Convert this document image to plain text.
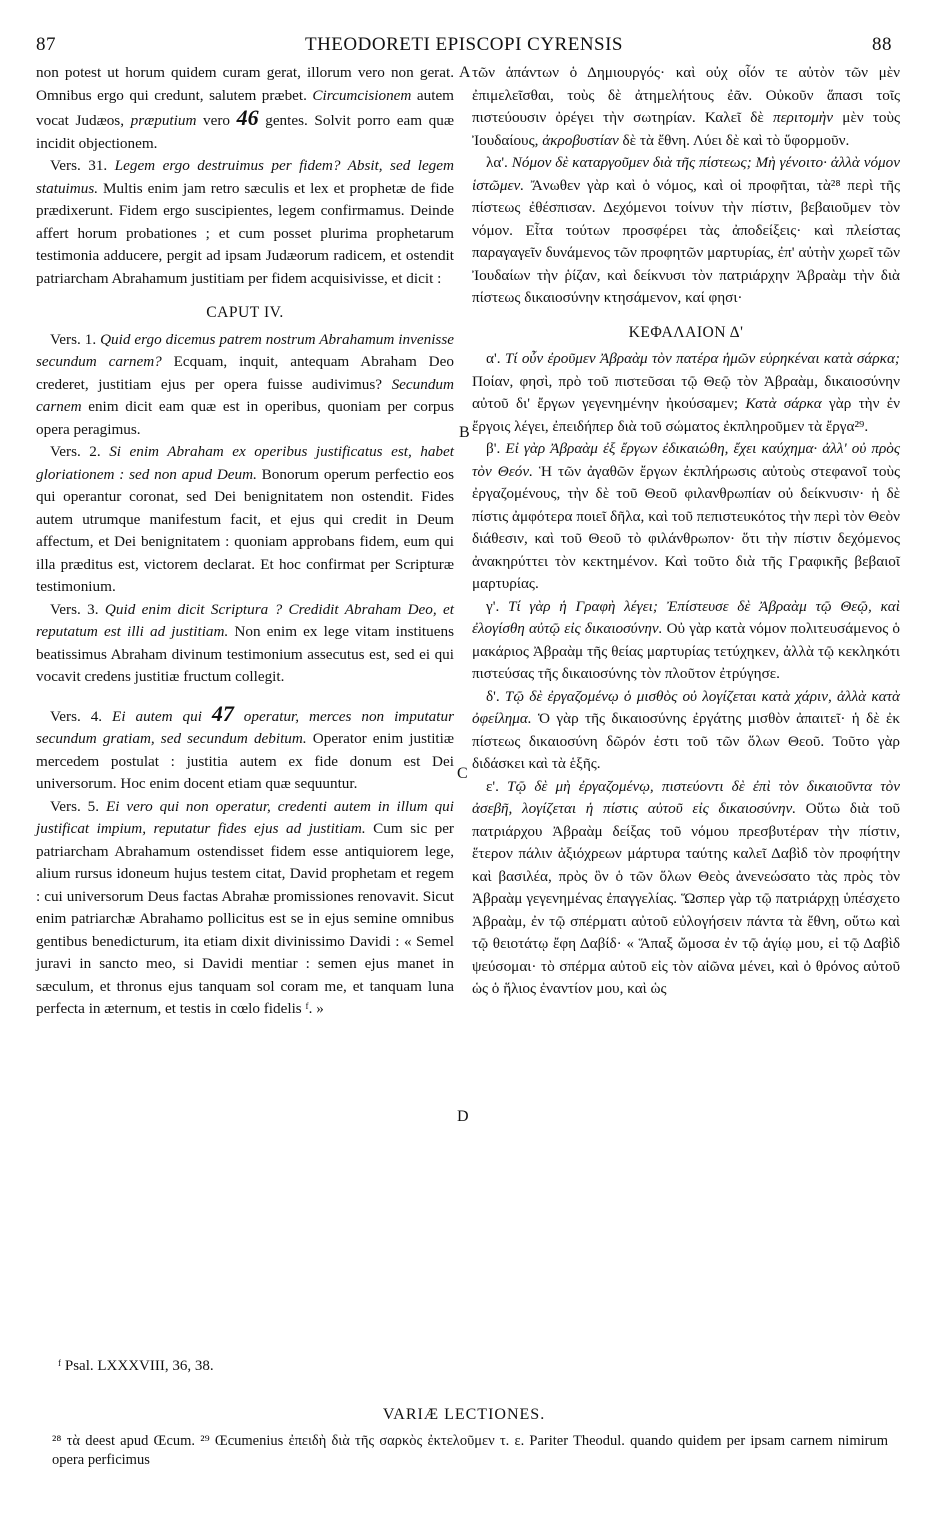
87	THEODORETI EPISCOPI CYRENSIS	88
A
B
C
D

non potest ut horum quidem curam gerat, illorum vero non gerat. Omnibus ergo qui credunt, salutem præbet. Circumcisionem autem vocat Judæos, præputium vero 46 gentes. Solvit porro eam quæ incidit objectionem.

Vers. 31. Legem ergo destruimus per fidem? Absit, sed legem statuimus. Multis enim jam retro sæculis et lex et prophetæ de fide prædixerunt. Fidem ergo suscipientes, legem confirmamus. Deinde affert horum probationes ; et cum posset plurima prophetarum testimonia adducere, pergit ad ipsam Judæorum radicem, et ostendit patriarcham Abrahamum justitiam per fidem acquisivisse, et dicit :

CAPUT IV.

Vers. 1. Quid ergo dicemus patrem nostrum Abrahamum invenisse secundum carnem? Ecquam, inquit, antequam Abraham Deo crederet, justitiam ejus per opera fuisse audivimus? Secundum carnem enim dicit eam quæ est in operibus, quoniam per corpus opera peragimus.

Vers. 2. Si enim Abraham ex operibus justificatus est, habet gloriationem : sed non apud Deum. Bonorum operum perfectio eos qui operantur coronat, sed Dei benignitatem non ostendit. Fides autem utrumque manifestum facit, et ejus qui credit in Deum affectum, et Dei benignitatem : quoniam approbans fidem, eum qui illa præditus est, victorem declarat. Et hoc confirmat per Scripturæ testimonium.

Vers. 3. Quid enim dicit Scriptura ? Credidit Abraham Deo, et reputatum est illi ad justitiam. Non enim ex lege vitam instituens beatissimus Abraham divinum testimonium assecutus est, sed ei qui vocavit credens justitiæ fructum collegit.

Vers. 4. Ei autem qui 47 operatur, merces non imputatur secundum gratiam, sed secundum debitum. Operator enim justitiæ mercedem postulat : justitia autem ex fide donum est Dei universorum. Hoc enim docent etiam quæ sequuntur.

Vers. 5. Ei vero qui non operatur, credenti autem in illum qui justificat impium, reputatur fides ejus ad justitiam. Cum sic per patriarcham Abrahamum ostendisset fidem esse antiquiorem lege, alium rursus idoneum hujus testem citat, David prophetam et regem : cui universorum Deus factas Abrahæ promissiones renovavit. Sicut enim patriarchæ Abrahamo pollicitus est se in ejus semine omnibus gentibus benedicturum, ita etiam dixit divinissimo Davidi : « Semel juravi in sancto meo, si Davidi mentiar : semen ejus manet in sæculum, et thronus ejus tanquam sol coram me, et tanquam luna perfecta in æternum, et testis in cœlo fidelis ᶠ. »

τῶν ἁπάντων ὁ Δημιουργός· καὶ οὐχ οἷόν τε αὐτὸν τῶν μὲν ἐπιμελεῖσθαι, τοὺς δὲ ἀτημελήτους ἐᾶν. Οὐκοῦν ἅπασι τοῖς πιστεύουσιν ὀρέγει τὴν σωτηρίαν. Καλεῖ δὲ περιτομὴν μὲν τοὺς Ἰουδαίους, ἀκροβυστίαν δὲ τὰ ἔθνη. Λύει δὲ καὶ τὸ ὕφορμοῦν.

λα'. Νόμον δὲ καταργοῦμεν διὰ τῆς πίστεως; Μὴ γένοιτο· ἀλλὰ νόμον ἱστῶμεν. Ἄνωθεν γὰρ καὶ ὁ νόμος, καὶ οἱ προφῆται, τὰ²⁸ περὶ τῆς πίστεως ἐθέσπισαν. Δεχόμενοι τοίνυν τὴν πίστιν, βεβαιοῦμεν τὸν νόμον. Εἶτα τούτων προσφέρει τὰς ἀποδείξεις· καὶ πλείστας παραγαγεῖν δυνάμενος τῶν προφητῶν μαρτυρίας, ἐπ' αὐτὴν χωρεῖ τῶν Ἰουδαίων τὴν ῥίζαν, καὶ δείκνυσι τὸν πατριάρχην Ἀβραὰμ τὴν διὰ πίστεως δικαιοσύνην κτησάμενον, καί φησι·

ΚΕΦΑΛΑΙΟΝ Δ'

α'. Τί οὖν ἐροῦμεν Ἀβραὰμ τὸν πατέρα ἡμῶν εὑρηκέναι κατὰ σάρκα; Ποίαν, φησὶ, πρὸ τοῦ πιστεῦσαι τῷ Θεῷ τὸν Ἀβραὰμ, δικαιοσύνην αὐτοῦ δι' ἔργων γεγενημένην ἠκούσαμεν; Κατὰ σάρκα γὰρ τὴν ἐν ἔργοις λέγει, ἐπειδήπερ διὰ τοῦ σώματος ἐκπληροῦμεν τὰ ἔργα²⁹.

β'. Εἰ γὰρ Ἀβραὰμ ἐξ ἔργων ἐδικαιώθη, ἔχει καύχημα· ἀλλ' οὐ πρὸς τὸν Θεόν. Ἡ τῶν ἀγαθῶν ἔργων ἐκπλήρωσις αὐτοὺς στεφανοῖ τοὺς ἐργαζομένους, τὴν δὲ τοῦ Θεοῦ φιλανθρωπίαν οὐ δείκνυσιν· ἡ δὲ πίστις ἀμφότερα ποιεῖ δῆλα, καὶ τοῦ πεπιστευκότος τὴν περὶ τὸν Θεὸν διάθεσιν, καὶ τοῦ Θεοῦ τὸ φιλάνθρωπον· ὅτι τὴν πίστιν δεχόμενος ἀνακηρύττει τὸν κεκτημένον. Καὶ τοῦτο διὰ τῆς Γραφικῆς βεβαιοῖ μαρτυρίας.

γ'. Τί γὰρ ἡ Γραφὴ λέγει; Ἐπίστευσε δὲ Ἀβραὰμ τῷ Θεῷ, καὶ ἐλογίσθη αὐτῷ εἰς δικαιοσύνην. Οὐ γὰρ κατὰ νόμον πολιτευσάμενος ὁ μακάριος Ἀβραὰμ τῆς θείας μαρτυρίας τετύχηκεν, ἀλλὰ τῷ κεκληκότι πιστεύσας τῆς δικαιοσύνης τὸν πλοῦτον ἐτρύγησε.

δ'. Τῷ δὲ ἐργαζομένῳ ὁ μισθὸς οὐ λογίζεται κατὰ χάριν, ἀλλὰ κατὰ ὀφείλημα. Ὁ γὰρ τῆς δικαιοσύνης ἐργάτης μισθὸν ἀπαιτεῖ· ἡ δὲ ἐκ πίστεως δικαιοσύνη δῶρόν ἐστι τοῦ τῶν ὅλων Θεοῦ. Τοῦτο γὰρ διδάσκει καὶ τὰ ἑξῆς.

ε'. Τῷ δὲ μὴ ἐργαζομένῳ, πιστεύοντι δὲ ἐπὶ τὸν δικαιοῦντα τὸν ἀσεβῆ, λογίζεται ἡ πίστις αὐτοῦ εἰς δικαιοσύνην. Οὕτω διὰ τοῦ πατριάρχου Ἀβραὰμ δείξας τοῦ νόμου πρεσβυτέραν τὴν πίστιν, ἕτερον πάλιν ἀξιόχρεων μάρτυρα ταύτης καλεῖ Δαβὶδ τὸν προφήτην καὶ βασιλέα, πρὸς ὃν ὁ τῶν ὅλων Θεὸς ἀνενεώσατο τὰς πρὸς τὸν Ἀβραὰμ γεγενημένας ἐπαγγελίας. Ὥσπερ γὰρ τῷ πατριάρχῃ ὑπέσχετο Ἀβραὰμ, ἐν τῷ σπέρματι αὐτοῦ εὐλογήσειν πάντα τὰ ἔθνη, οὕτω καὶ τῷ θειοτάτῳ ἔφη Δαβίδ· « Ἅπαξ ὤμοσα ἐν τῷ ἁγίῳ μου, εἰ τῷ Δαβὶδ ψεύσομαι· τὸ σπέρμα αὐτοῦ εἰς τὸν αἰῶνα μένει, καὶ ὁ θρόνος αὐτοῦ ὡς ὁ ἥλιος ἐναντίον μου, καὶ ὡς

ᶠ Psal. LXXXVIII, 36, 38.
VARIÆ LECTIONES.
²⁸ τὰ deest apud Œcum. ²⁹ Œcumenius ἐπειδὴ διὰ τῆς σαρκὸς ἐκτελοῦμεν τ. ε. Pariter Theodul. quando quidem per ipsam carnem nimirum opera perficimus
